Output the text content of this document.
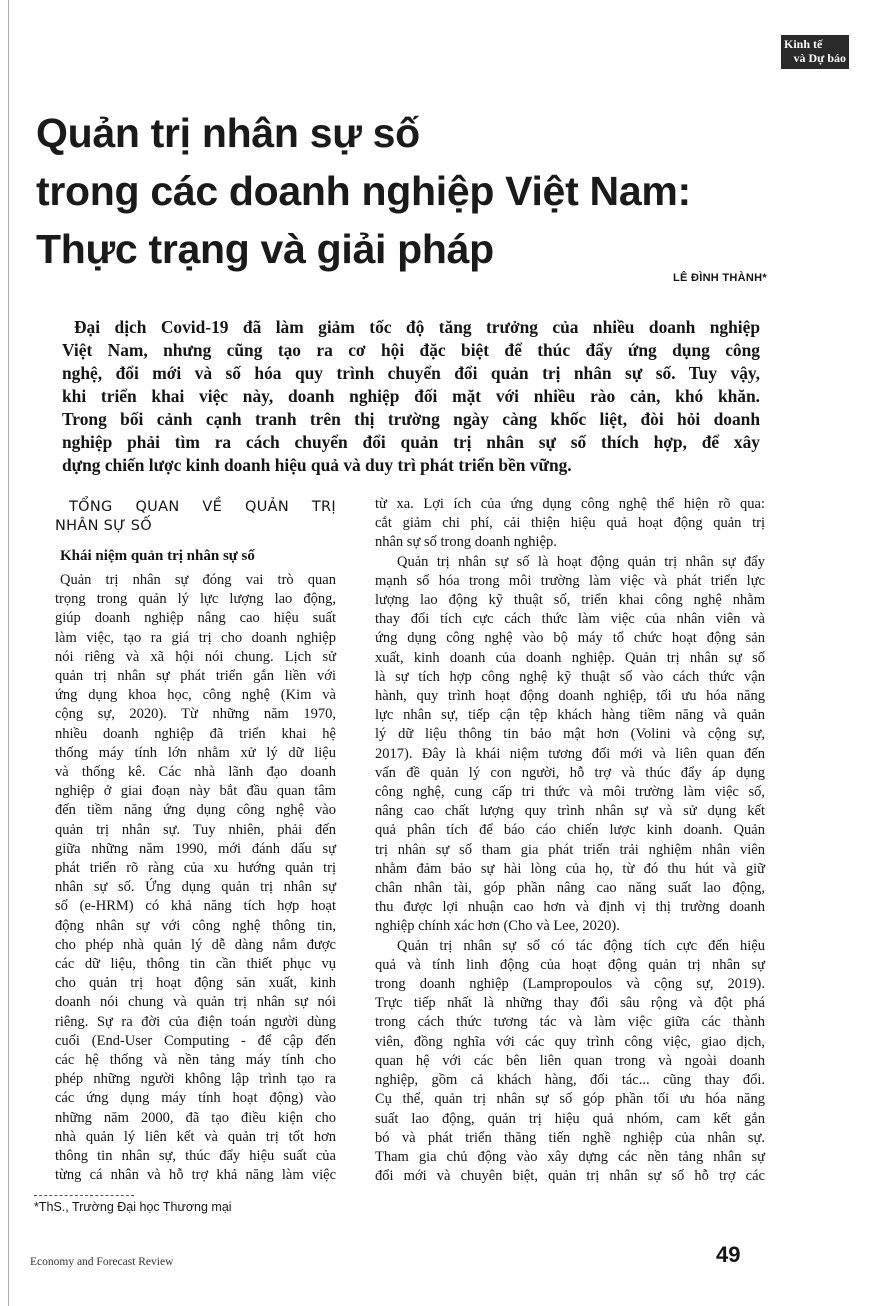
Kinh tế
và Dự báo
Quản trị nhân sự số
trong các doanh nghiệp Việt Nam:
Thực trạng và giải pháp
LÊ ĐÌNH THÀNH*
Đại dịch Covid-19 đã làm giảm tốc độ tăng trưởng của nhiều doanh nghiệp
Việt Nam, nhưng cũng tạo ra cơ hội đặc biệt để thúc đẩy ứng dụng công
nghệ, đổi mới và số hóa quy trình chuyển đổi quản trị nhân sự số. Tuy vậy,
khi triển khai việc này, doanh nghiệp đối mặt với nhiều rào cản, khó khăn.
Trong bối cảnh cạnh tranh trên thị trường ngày càng khốc liệt, đòi hỏi doanh
nghiệp phải tìm ra cách chuyển đổi quản trị nhân sự số thích hợp, để xây
dựng chiến lược kinh doanh hiệu quả và duy trì phát triển bền vững.
TỔNG QUAN VỀ QUẢN TRỊ
NHÂN SỰ SỐ
Khái niệm quản trị nhân sự số
Quản trị nhân sự đóng vai trò quan
trọng trong quản lý lực lượng lao động,
giúp doanh nghiệp nâng cao hiệu suất
làm việc, tạo ra giá trị cho doanh nghiệp
nói riêng và xã hội nói chung. Lịch sử
quản trị nhân sự phát triển gắn liền với
ứng dụng khoa học, công nghệ (Kim và
cộng sự, 2020). Từ những năm 1970,
nhiều doanh nghiệp đã triển khai hệ
thống máy tính lớn nhằm xử lý dữ liệu
và thống kê. Các nhà lãnh đạo doanh
nghiệp ở giai đoạn này bắt đầu quan tâm
đến tiềm năng ứng dụng công nghệ vào
quản trị nhân sự. Tuy nhiên, phải đến
giữa những năm 1990, mới đánh dấu sự
phát triển rõ ràng của xu hướng quản trị
nhân sự số. Ứng dụng quản trị nhân sự
số (e-HRM) có khả năng tích hợp hoạt
động nhân sự với công nghệ thông tin,
cho phép nhà quản lý dễ dàng nắm được
các dữ liệu, thông tin cần thiết phục vụ
cho quản trị hoạt động sản xuất, kinh
doanh nói chung và quản trị nhân sự nói
riêng. Sự ra đời của điện toán người dùng
cuối (End-User Computing - để cập đến
các hệ thống và nền tảng máy tính cho
phép những người không lập trình tạo ra
các ứng dụng máy tính hoạt động) vào
những năm 2000, đã tạo điều kiện cho
nhà quản lý liên kết và quản trị tốt hơn
thông tin nhân sự, thúc đẩy hiệu suất của
từng cá nhân và hỗ trợ khả năng làm việc
từ xa. Lợi ích của ứng dụng công nghệ thể hiện rõ qua:
cắt giảm chi phí, cải thiện hiệu quả hoạt động quản trị
nhân sự số trong doanh nghiệp.
Quản trị nhân sự số là hoạt động quản trị nhân sự đẩy
mạnh số hóa trong môi trường làm việc và phát triển lực
lượng lao động kỹ thuật số, triển khai công nghệ nhằm
thay đổi tích cực cách thức làm việc của nhân viên và
ứng dụng công nghệ vào bộ máy tổ chức hoạt động sản
xuất, kinh doanh của doanh nghiệp. Quản trị nhân sự số
là sự tích hợp công nghệ kỹ thuật số vào cách thức vận
hành, quy trình hoạt động doanh nghiệp, tối ưu hóa năng
lực nhân sự, tiếp cận tệp khách hàng tiềm năng và quản
lý dữ liệu thông tin bảo mật hơn (Volini và cộng sự,
2017). Đây là khái niệm tương đối mới và liên quan đến
vấn đề quản lý con người, hỗ trợ và thúc đẩy áp dụng
công nghệ, cung cấp tri thức và môi trường làm việc số,
nâng cao chất lượng quy trình nhân sự và sử dụng kết
quả phân tích để báo cáo chiến lược kinh doanh. Quản
trị nhân sự số tham gia phát triển trải nghiệm nhân viên
nhằm đảm bảo sự hài lòng của họ, từ đó thu hút và giữ
chân nhân tài, góp phần nâng cao năng suất lao động,
thu được lợi nhuận cao hơn và định vị thị trường doanh
nghiệp chính xác hơn (Cho và Lee, 2020).
Quản trị nhân sự số có tác động tích cực đến hiệu
quả và tính linh động của hoạt động quản trị nhân sự
trong doanh nghiệp (Lampropoulos và cộng sự, 2019).
Trực tiếp nhất là những thay đổi sâu rộng và đột phá
trong cách thức tương tác và làm việc giữa các thành
viên, đồng nghĩa với các quy trình công việc, giao dịch,
quan hệ với các bên liên quan trong và ngoài doanh
nghiệp, gồm cả khách hàng, đối tác... cũng thay đổi.
Cụ thể, quản trị nhân sự số góp phần tối ưu hóa năng
suất lao động, quản trị hiệu quả nhóm, cam kết gắn
bó và phát triển thăng tiến nghề nghiệp của nhân sự.
Tham gia chủ động vào xây dựng các nền tảng nhân sự
đổi mới và chuyên biệt, quản trị nhân sự số hỗ trợ các
*ThS., Trường Đại học Thương mại
Economy and Forecast Review	49
